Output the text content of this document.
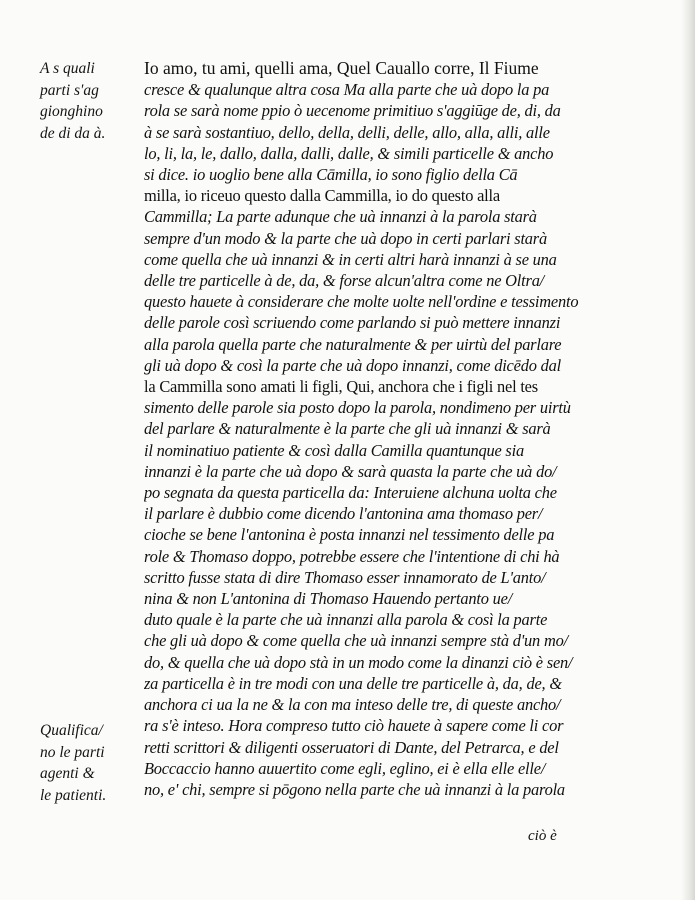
A s quali
parti s'ag
gionghino
de di da à.
Qualifica/
no le parti
agenti &
le patienti.
Io amo, tu ami, quelli ama, Quel Cauallo corre, Il Fiume
cresce & qualunque altra cosa Ma alla parte che uà dopo la pa
rola se sarà nome ppio ò uecenome primitiuo s'aggiūge de, di, da
à se sarà sostantiuo, dello, della, delli, delle, allo, alla, alli, alle
lo, li, la, le, dallo, dalla, dalli, dalle, & simili particelle & ancho
si dice. io uoglio bene alla Cāmilla, io sono figlio della Cā
milla, io riceuo questo dalla Cammilla, io do questo alla
Cammilla; La parte adunque che uà innanzi à la parola starà
sempre d'un modo & la parte che uà dopo in certi parlari starà
come quella che uà innanzi & in certi altri harà innanzi à se una
delle tre particelle à de, da, & forse alcun'altra come ne Oltra/
questo hauete à considerare che molte uolte nell'ordine e tessimento
delle parole così scriuendo come parlando si può mettere innanzi
alla parola quella parte che naturalmente & per uirtù del parlare
gli uà dopo & così la parte che uà dopo innanzi, come dicēdo dal
la Cammilla sono amati li figli, Qui, anchora che i figli nel tes
simento delle parole sia posto dopo la parola, nondimeno per uirtù
del parlare & naturalmente è la parte che gli uà innanzi & sarà
il nominatiuo patiente & così dalla Camilla quantunque sia
innanzi è la parte che uà dopo & sarà quasta la parte che uà do/
po segnata da questa particella da: Interuiene alchuna uolta che
il parlare è dubbio come dicendo l'antonina ama thomaso per/
cioche se bene l'antonina è posta innanzi nel tessimento delle pa
role & Thomaso doppo, potrebbe essere che l'intentione di chi hà
scritto fusse stata di dire Thomaso esser innamorato de L'anto/
nina & non L'antonina di Thomaso Hauendo pertanto ue/
duto quale è la parte che uà innanzi alla parola & così la parte
che gli uà dopo & come quella che uà innanzi sempre stà d'un mo/
do, & quella che uà dopo stà in un modo come la dinanzi ciò è sen/
za particella è in tre modi con una delle tre particelle à, da, de, &
anchora ci ua la ne & la con ma inteso delle tre, di queste ancho/
ra s'è inteso. Hora compreso tutto ciò hauete à sapere come li cor
retti scrittori & diligenti osseruatori di Dante, del Petrarca, e del
Boccaccio hanno auuertito come egli, eglino, ei è ella elle elle/
no, e' chi, sempre si pōgono nella parte che uà innanzi à la parola
ciò è
